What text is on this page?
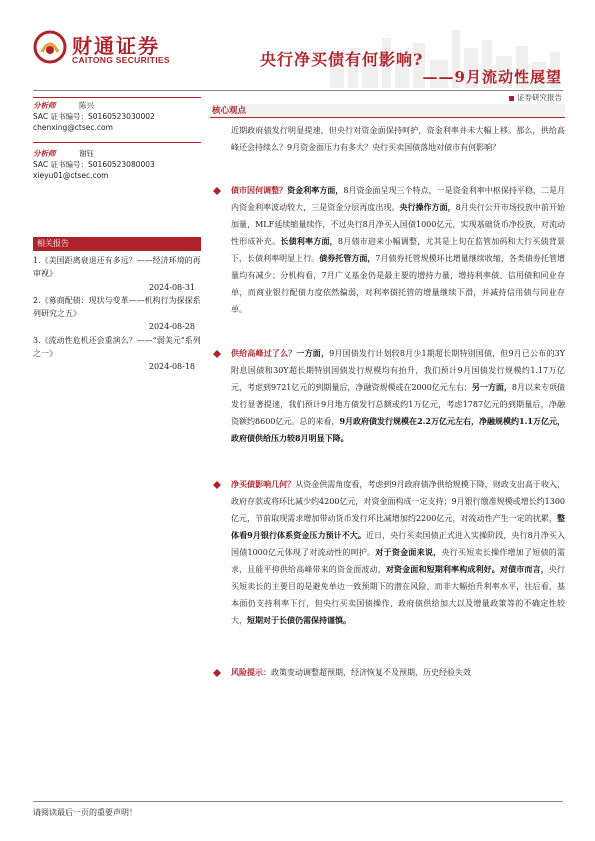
财通证券
CAITONG SECURITIES	央行净买债有何影响?
——9月流动性展望
证券研究报告
分析师	陈兴
SAC 证书编号：S0160523030002
chenxing@ctsec.com
分析师	谢钰
SAC 证书编号：S0160523080003
xieyu01@ctsec.com
相关报告
1.《美国距离衰退还有多远？——经济环境的再审视》
2024-08-31
2.《募商配债：现状与变革——机构行为探探系列研究之五》
2024-08-28
3.《流动性危机还会重演么？——“弱美元”系列之一》
2024-08-18
核心观点
近期政府债发行明显提速，但央行对资金面保持呵护，资金利率并未大幅上移。那么，供给高峰还会持续么？9月资金面压力有多大？央行买卖国债落地对债市有何影响？
债市因何调整？资金利率方面，8月资金面呈现三个特点，一是资金利率中枢保持平稳，二是月内资金利率波动较大，三是资金分层再度出现。央行操作方面，8月央行公开市场投放中前开始加量，MLF延续缩量续作，不过央行8月净买入国债1000亿元，实现基础货币净投放，对流动性形成补充。长债利率方面，8月债市迎来小幅调整，尤其是上旬在监管加码和大行买债背景下，长债利率明显上行。债券托管方面，7月债券托管规模环比增量继续收缩，各类债券托管增量均有减少；分机构看，7月广义基金仍是最主要的增持力量，增持利率债、信用债和同业存单，而商业银行配债力度依然偏弱，对利率债托管的增量继续下滑，并减持信用债与同业存单。
供给高峰过了么？一方面，9月国债发行计划较8月少1期超长期特别国债，但9月已公布的3Y附息国债和30Y超长期特别国债发行规模均有抬升，我们预计9月国债发行规模约1.17万亿元，考虑到9721亿元的到期量后，净融资规模或在2000亿元左右；另一方面，8月以来专项债发行显著提速，我们预计9月地方债发行总额或约1万亿元，考虑1787亿元的到期量后，净融资额约8600亿元。总的来看，9月政府债发行规模在2.2万亿元左右，净融规模约1.1万亿元，政府债供给压力较8月明显下降。
净买债影响几何？从资金供需角度看，考虑到9月政府债净供给规模下降，财政支出高于收入，政府存款或将环比减少约4200亿元，对资金面构成一定支持；9月银行缴准规模或增长约1300亿元，节前取现需求增加带动货币发行环比减增加约2200亿元，对流动性产生一定的扰累，整体看9月银行体系资金压力预计不大。近日，央行买卖国债正式进入实操阶段，央行8月净买入国债1000亿元体现了对流动性的呵护。对于资金面来说，央行买短卖长操作增加了短债的需求，且能平抑供给高峰带来的资金面波动，对资金面和短期利率构成利好。对债市而言，央行买短卖长的主要目的是避免单边一致预期下的潜在风险，而非大幅抬升利率水平，往后看，基本面仍支持利率下行，但央行买卖国债操作、政府债供给加大以及增量政策等的不确定性较大，短期对于长债仍需保持谨慎。
风险提示：政策变动调整超预期，经济恢复不及预期，历史经验失效
请阅读最后一页的重要声明！
